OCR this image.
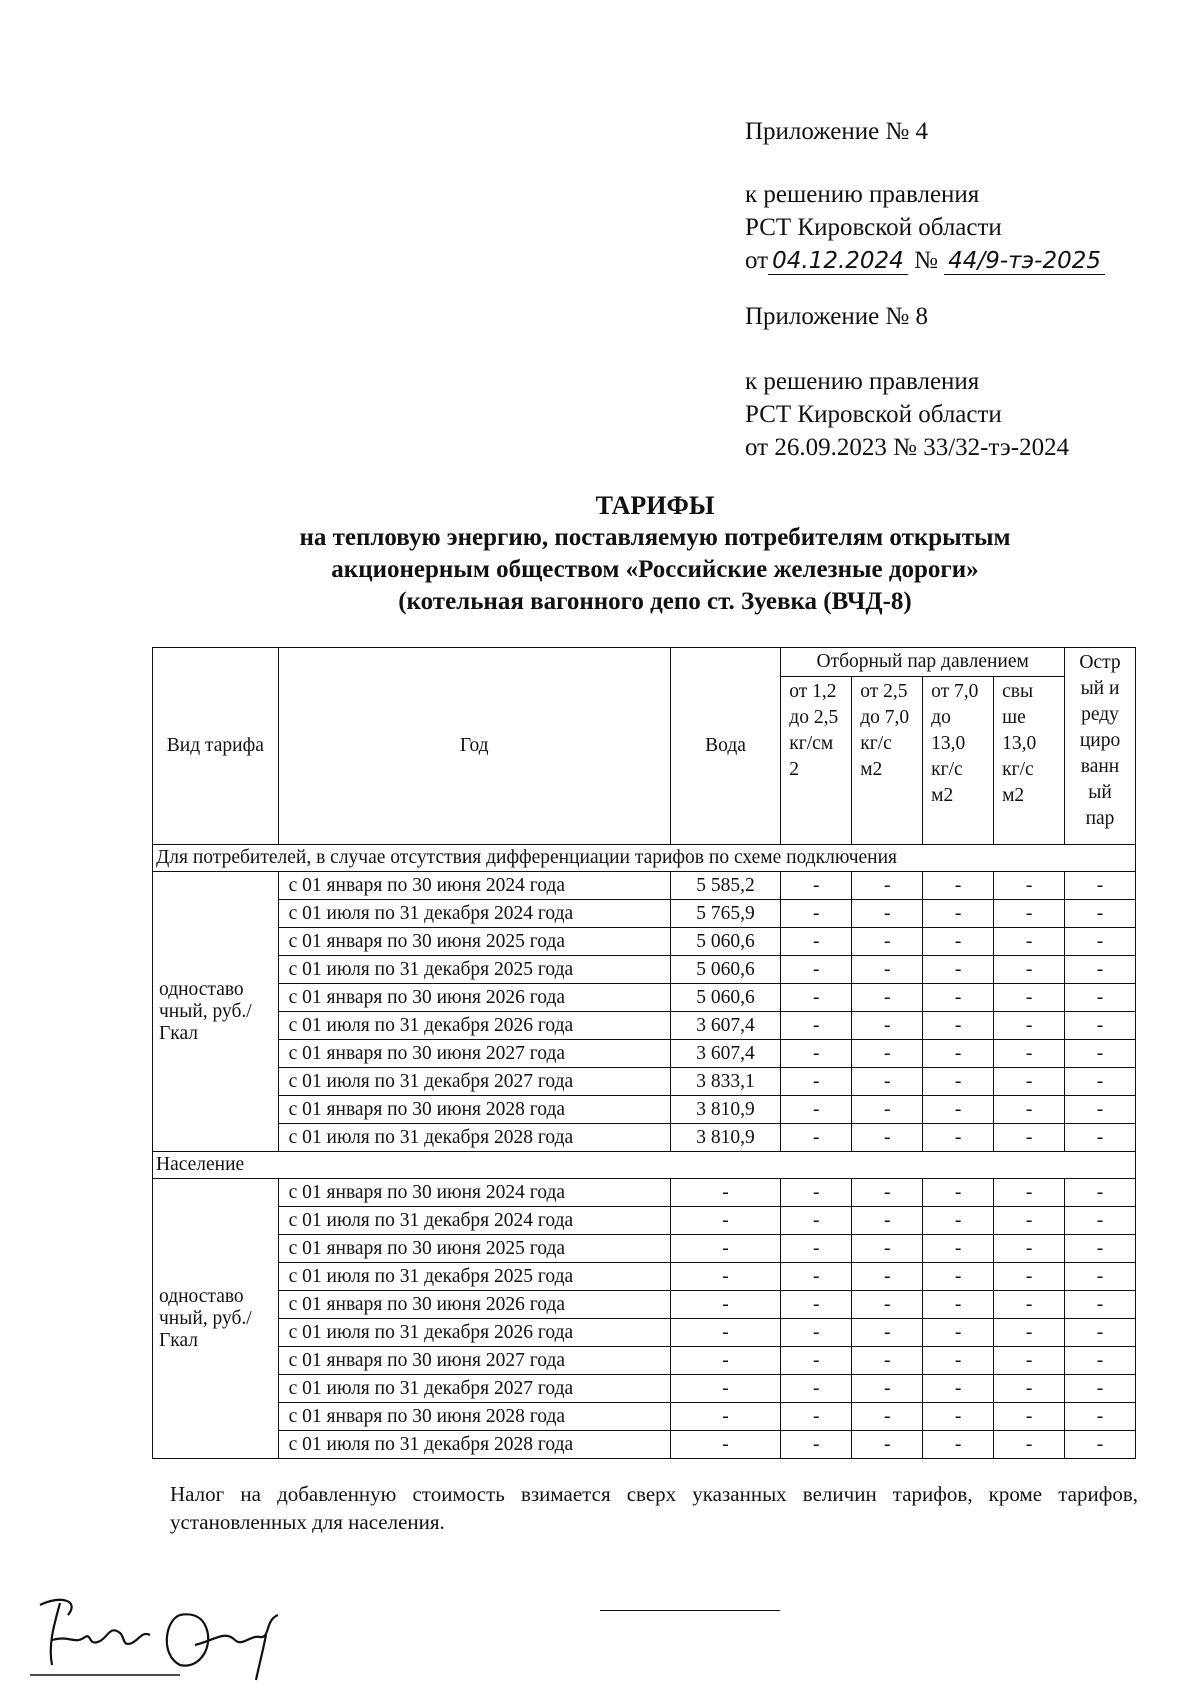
Приложение № 4

к решению правления

РСТ Кировской области

от 04.12.2024 № 44/9-тэ-2025

Приложение № 8

к решению правления

РСТ Кировской области

от 26.09.2023 № 33/32-тэ-2024

ТАРИФЫ

на тепловую энергию, поставляемую потребителям открытым

акционерным обществом «Российские железные дороги»

(котельная вагонного депо ст. Зуевка (ВЧД-8)

Вид тарифа	Год	Вода	Отборный пар давлением				Остр ый и реду циро ванн ый пар
			от 1,2 до 2,5 кг/см 2	от 2,5 до 7,0 кг/с м2	от 7,0 до 13,0 кг/с м2	свы ше 13,0 кг/с м2	
Для потребителей, в случае отсутствия дифференциации тарифов по схеме подключения							
одноставо чный, руб./Гкал	с 01 января по 30 июня 2024 года	5 585,2	-	-	-	-	-
	с 01 июля по 31 декабря 2024 года	5 765,9	-	-	-	-	-
	с 01 января по 30 июня 2025 года	5 060,6	-	-	-	-	-
	с 01 июля по 31 декабря 2025 года	5 060,6	-	-	-	-	-
	с 01 января по 30 июня 2026 года	5 060,6	-	-	-	-	-
	с 01 июля по 31 декабря 2026 года	3 607,4	-	-	-	-	-
	с 01 января по 30 июня 2027 года	3 607,4	-	-	-	-	-
	с 01 июля по 31 декабря 2027 года	3 833,1	-	-	-	-	-
	с 01 января по 30 июня 2028 года	3 810,9	-	-	-	-	-
	с 01 июля по 31 декабря 2028 года	3 810,9	-	-	-	-	-
Население							
одноставо чный, руб./Гкал	с 01 января по 30 июня 2024 года	-	-	-	-	-	-
	с 01 июля по 31 декабря 2024 года	-	-	-	-	-	-
	с 01 января по 30 июня 2025 года	-	-	-	-	-	-
	с 01 июля по 31 декабря 2025 года	-	-	-	-	-	-
	с 01 января по 30 июня 2026 года	-	-	-	-	-	-
	с 01 июля по 31 декабря 2026 года	-	-	-	-	-	-
	с 01 января по 30 июня 2027 года	-	-	-	-	-	-
	с 01 июля по 31 декабря 2027 года	-	-	-	-	-	-
	с 01 января по 30 июня 2028 года	-	-	-	-	-	-
	с 01 июля по 31 декабря 2028 года	-	-	-	-	-	-

Налог на добавленную стоимость взимается сверх указанных величин тарифов, кроме тарифов, установленных для населения.
